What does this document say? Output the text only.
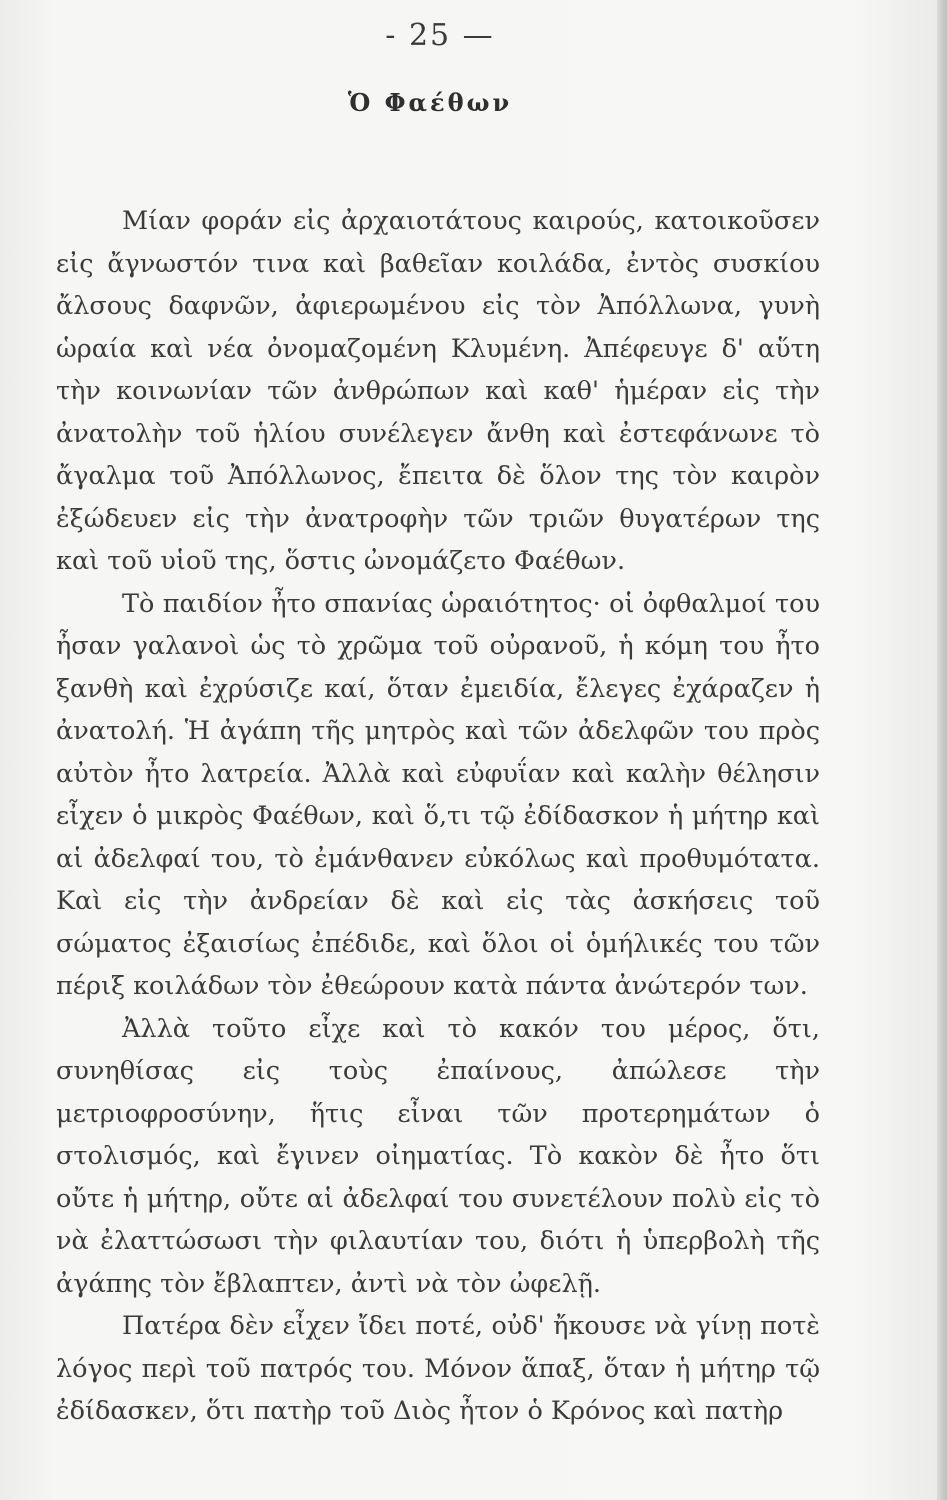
- 25 —
Ὁ Φαέθων

Μίαν φοράν εἰς ἀρχαιοτάτους καιρούς, κατοικοῦσεν εἰς ἄγνωστόν τινα καὶ βαθεῖαν κοιλάδα, ἐντὸς συσκίου ἄλσους δαφνῶν, ἀφιερωμένου εἰς τὸν Ἀπόλλωνα, γυνὴ ὡραία καὶ νέα ὀνομαζομένη Κλυμένη. Ἀπέφευγε δ' αὕτη τὴν κοινωνίαν τῶν ἀνθρώπων καὶ καθ' ἡμέραν εἰς τὴν ἀνατολὴν τοῦ ἡλίου συνέλεγεν ἄνθη καὶ ἐστεφάνωνε τὸ ἄγαλμα τοῦ Ἀπόλλωνος, ἔπειτα δὲ ὅλον της τὸν καιρὸν ἐξώδευεν εἰς τὴν ἀνατροφὴν τῶν τριῶν θυγατέρων της καὶ τοῦ υἱοῦ της, ὅστις ὠνομάζετο Φαέθων.

Τὸ παιδίον ἦτο σπανίας ὡραιότητος· οἱ ὀφθαλμοί του ἦσαν γαλανοὶ ὡς τὸ χρῶμα τοῦ οὐρανοῦ, ἡ κόμη του ἦτο ξανθὴ καὶ ἐχρύσιζε καί, ὅταν ἐμειδία, ἔλεγες ἐχάραζεν ἡ ἀνατολή. Ἡ ἀγάπη τῆς μητρὸς καὶ τῶν ἀδελφῶν του πρὸς αὐτὸν ἦτο λατρεία. Ἀλλὰ καὶ εὐφυΐαν καὶ καλὴν θέλησιν εἶχεν ὁ μικρὸς Φαέθων, καὶ ὅ,τι τῷ ἐδίδασκον ἡ μήτηρ καὶ αἱ ἀδελφαί του, τὸ ἐμάνθανεν εὐκόλως καὶ προθυμότατα. Καὶ εἰς τὴν ἀνδρείαν δὲ καὶ εἰς τὰς ἀσκήσεις τοῦ σώματος ἐξαισίως ἐπέδιδε, καὶ ὅλοι οἱ ὁμήλικές του τῶν πέριξ κοιλάδων τὸν ἐθεώρουν κατὰ πάντα ἀνώτερόν των.

Ἀλλὰ τοῦτο εἶχε καὶ τὸ κακόν του μέρος, ὅτι, συνηθίσας εἰς τοὺς ἐπαίνους, ἀπώλεσε τὴν μετριοφροσύνην, ἥτις εἶναι τῶν προτερημάτων ὁ στολισμός, καὶ ἔγινεν οἰηματίας. Τὸ κακὸν δὲ ἦτο ὅτι οὔτε ἡ μήτηρ, οὔτε αἱ ἀδελφαί του συνετέλουν πολὺ εἰς τὸ νὰ ἐλαττώσωσι τὴν φιλαυτίαν του, διότι ἡ ὑπερβολὴ τῆς ἀγάπης τὸν ἔβλαπτεν, ἀντὶ νὰ τὸν ὠφελῇ.

Πατέρα δὲν εἶχεν ἴδει ποτέ, οὐδ' ἤκουσε νὰ γίνῃ ποτὲ λόγος περὶ τοῦ πατρός του. Μόνον ἅπαξ, ὅταν ἡ μήτηρ τῷ ἐδίδασκεν, ὅτι πατὴρ τοῦ Διὸς ἦτον ὁ Κρόνος καὶ πατὴρ
